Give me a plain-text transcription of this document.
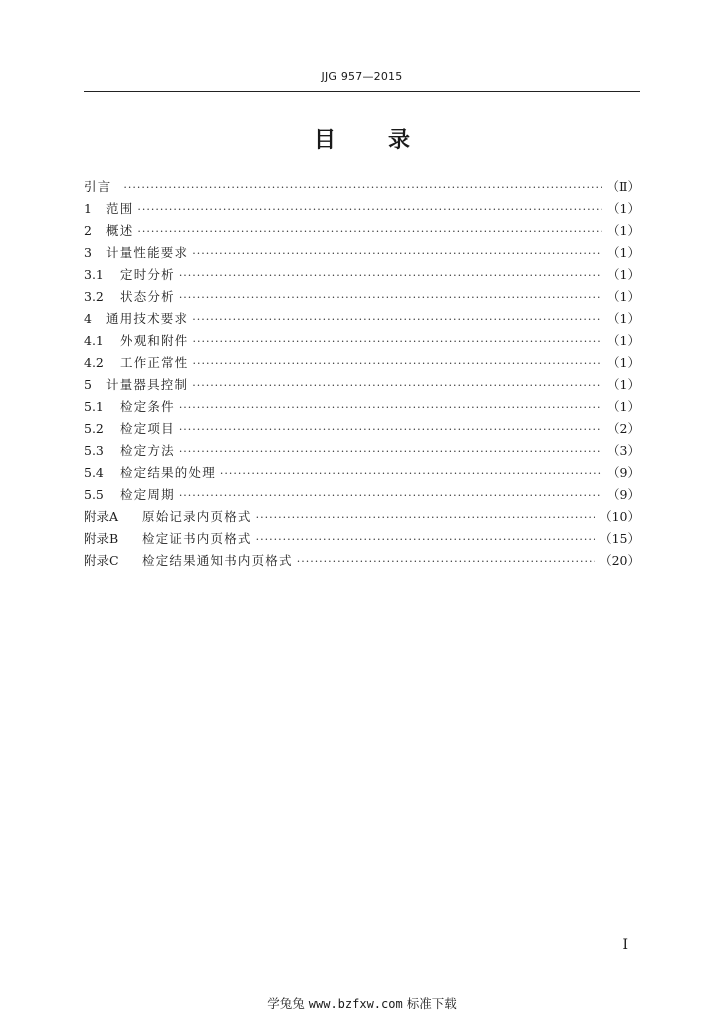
JJG 957—2015
目 录
引言 ·····	（Ⅱ）
1	范围 ·····	（1）
2	概述 ·····	（1）
3	计量性能要求 ·····	（1）
3.1	定时分析 ·····	（1）
3.2	状态分析 ·····	（1）
4	通用技术要求 ·····	（1）
4.1	外观和附件 ·····	（1）
4.2	工作正常性 ·····	（1）
5	计量器具控制 ·····	（1）
5.1	检定条件 ·····	（1）
5.2	检定项目 ·····	（2）
5.3	检定方法 ·····	（3）
5.4	检定结果的处理 ·····	（9）
5.5	检定周期 ·····	（9）
附录A	原始记录内页格式 ·····	（10）
附录B	检定证书内页格式 ·····	（15）
附录C	检定结果通知书内页格式 ·····	（20）
I
学兔兔 www.bzfxw.com 标准下载
